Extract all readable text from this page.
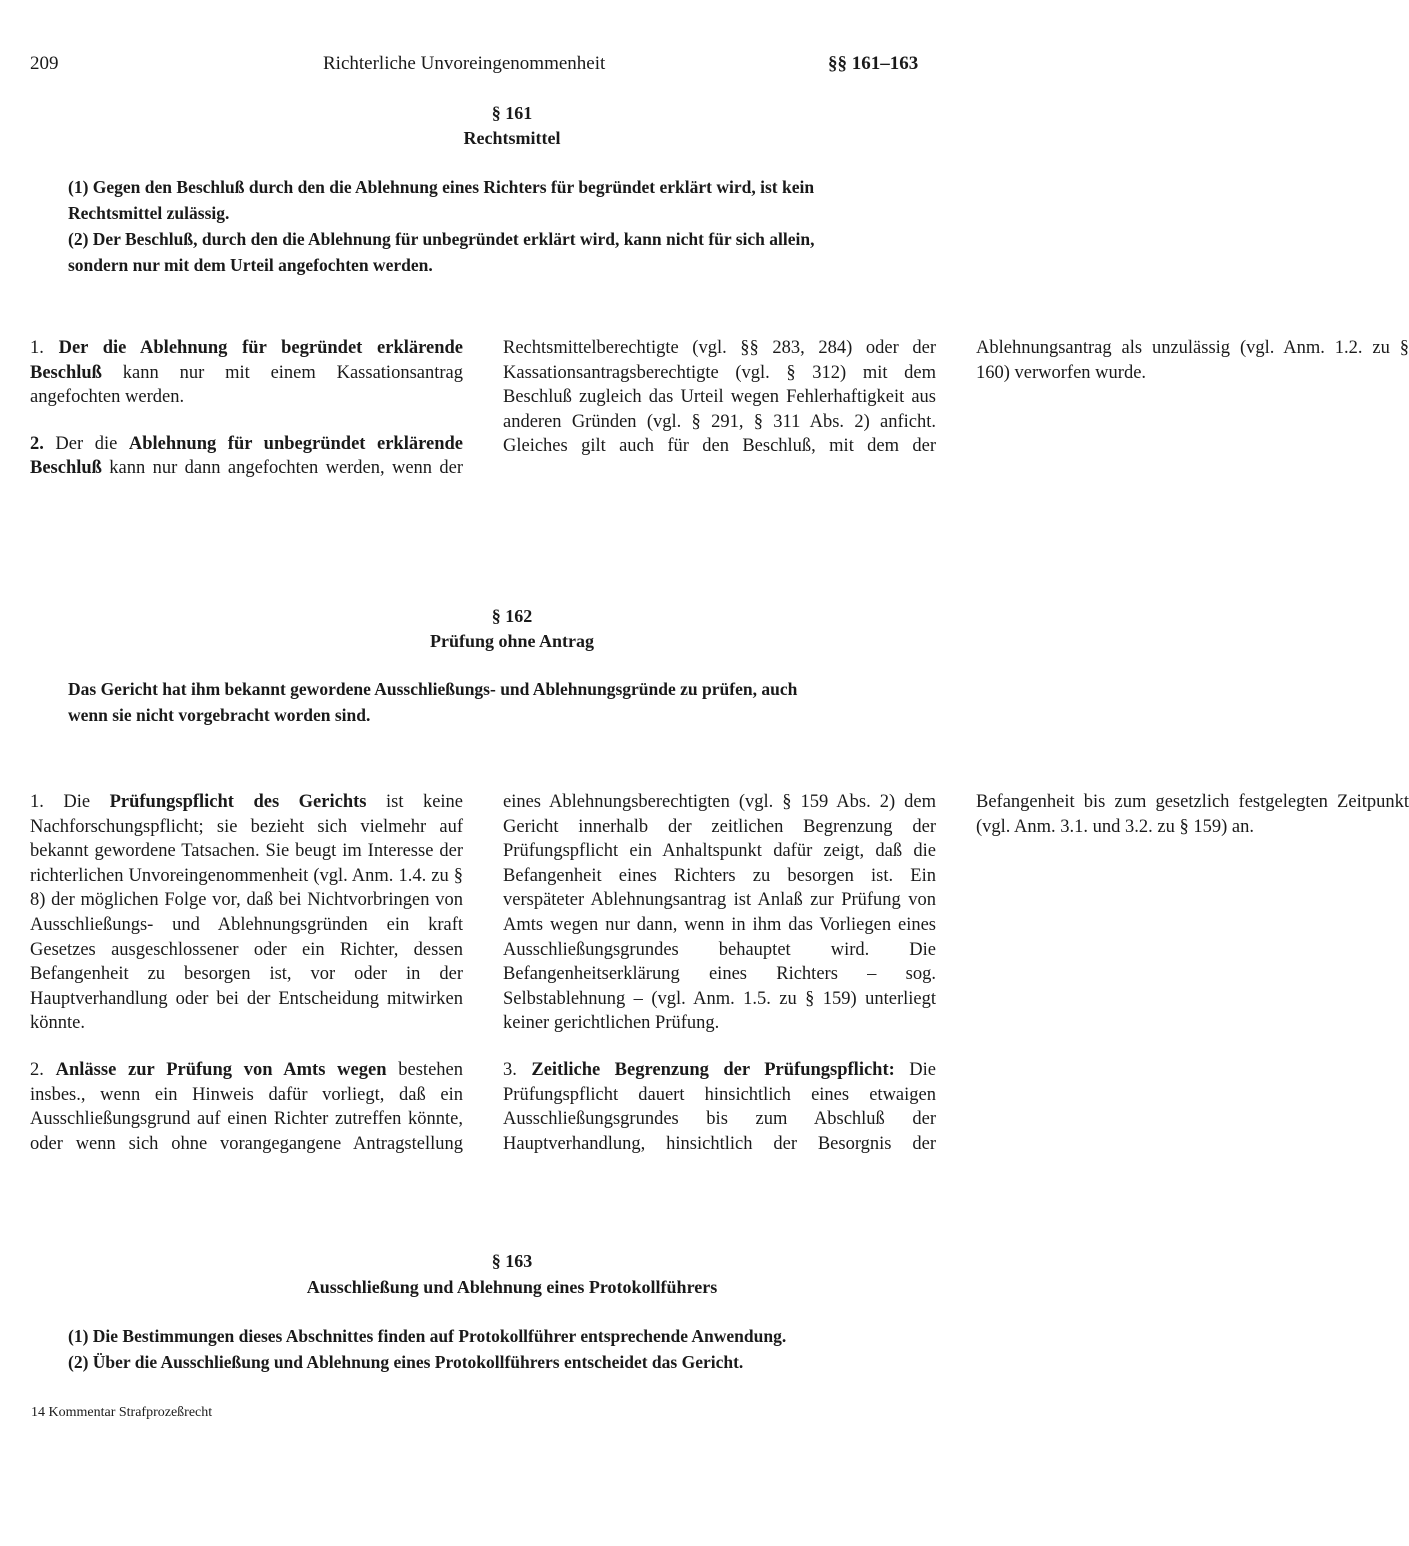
209	Richterliche Unvoreingenommenheit	§§ 161–163
§ 161
Rechtsmittel
(1) Gegen den Beschluß durch den die Ablehnung eines Richters für begründet erklärt wird, ist kein
Rechtsmittel zulässig.
(2) Der Beschluß, durch den die Ablehnung für unbegründet erklärt wird, kann nicht für sich allein,
sondern nur mit dem Urteil angefochten werden.

1. Der die Ablehnung für begründet erklärende Beschluß kann nur mit einem Kassationsantrag angefochten werden.

2. Der die Ablehnung für unbegründet erklärende Beschluß kann nur dann angefochten werden, wenn der Rechtsmittelberechtigte (vgl. §§ 283, 284) oder der Kassationsantragsberechtigte (vgl. § 312) mit dem Beschluß zugleich das Urteil wegen Fehlerhaftigkeit aus anderen Gründen (vgl. § 291, § 311 Abs. 2) anficht. Gleiches gilt auch für den Beschluß, mit dem der Ablehnungsantrag als unzulässig (vgl. Anm. 1.2. zu § 160) verworfen wurde.

§ 162
Prüfung ohne Antrag
Das Gericht hat ihm bekannt gewordene Ausschließungs- und Ablehnungsgründe zu prüfen, auch
wenn sie nicht vorgebracht worden sind.

1. Die Prüfungspflicht des Gerichts ist keine Nachforschungspflicht; sie bezieht sich vielmehr auf bekannt gewordene Tatsachen. Sie beugt im Interesse der richterlichen Unvoreingenommenheit (vgl. Anm. 1.4. zu § 8) der möglichen Folge vor, daß bei Nichtvorbringen von Ausschließungs- und Ablehnungsgründen ein kraft Gesetzes ausgeschlossener oder ein Richter, dessen Befangenheit zu besorgen ist, vor oder in der Hauptverhandlung oder bei der Entscheidung mitwirken könnte.

2. Anlässe zur Prüfung von Amts wegen bestehen insbes., wenn ein Hinweis dafür vorliegt, daß ein Ausschließungsgrund auf einen Richter zutreffen könnte, oder wenn sich ohne vorangegangene Antragstellung eines Ablehnungsberechtigten (vgl. § 159 Abs. 2) dem Gericht innerhalb der zeitlichen Begrenzung der Prüfungspflicht ein Anhaltspunkt dafür zeigt, daß die Befangenheit eines Richters zu besorgen ist. Ein verspäteter Ablehnungsantrag ist Anlaß zur Prüfung von Amts wegen nur dann, wenn in ihm das Vorliegen eines Ausschließungsgrundes behauptet wird. Die Befangenheitserklärung eines Richters – sog. Selbstablehnung – (vgl. Anm. 1.5. zu § 159) unterliegt keiner gerichtlichen Prüfung.

3. Zeitliche Begrenzung der Prüfungspflicht: Die Prüfungspflicht dauert hinsichtlich eines etwaigen Ausschließungsgrundes bis zum Abschluß der Hauptverhandlung, hinsichtlich der Besorgnis der Befangenheit bis zum gesetzlich festgelegten Zeitpunkt (vgl. Anm. 3.1. und 3.2. zu § 159) an.

§ 163
Ausschließung und Ablehnung eines Protokollführers
(1) Die Bestimmungen dieses Abschnittes finden auf Protokollführer entsprechende Anwendung.
(2) Über die Ausschließung und Ablehnung eines Protokollführers entscheidet das Gericht.
14 Kommentar Strafprozeßrecht
